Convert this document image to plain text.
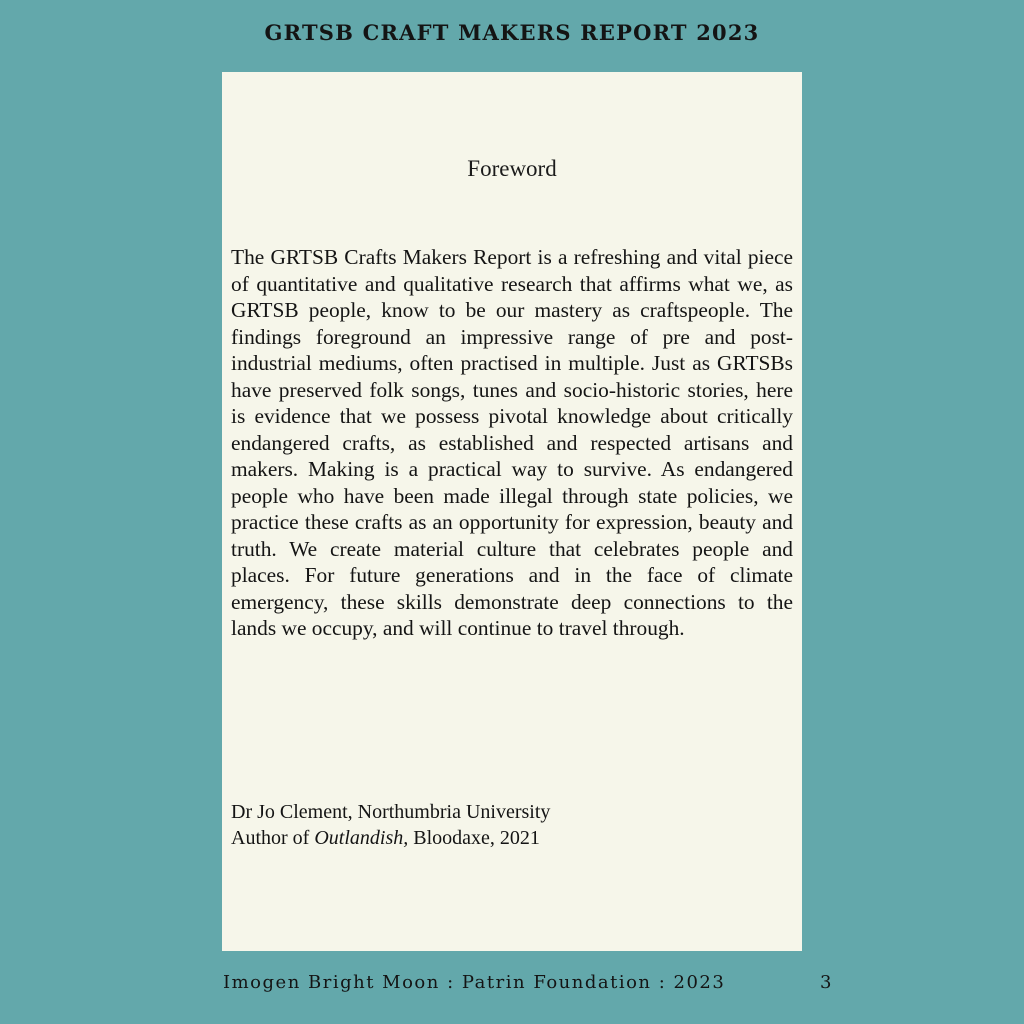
GRTSB CRAFT MAKERS REPORT 2023
Foreword

The GRTSB Crafts Makers Report is a refreshing and vital piece of quantitative and qualitative research that affirms what we, as GRTSB people, know to be our mastery as craftspeople. The findings foreground an impressive range of pre and post-industrial mediums, often practised in multiple. Just as GRTSBs have preserved folk songs, tunes and socio-historic stories, here is evidence that we possess pivotal knowledge about critically endangered crafts, as established and respected artisans and makers. Making is a practical way to survive. As endangered people who have been made illegal through state policies, we practice these crafts as an opportunity for expression, beauty and truth. We create material culture that celebrates people and places. For future generations and in the face of climate emergency, these skills demonstrate deep connections to the lands we occupy, and will continue to travel through.

Dr Jo Clement, Northumbria University
Author of Outlandish, Bloodaxe, 2021
Imogen Bright Moon : Patrin Foundation : 2023	3
